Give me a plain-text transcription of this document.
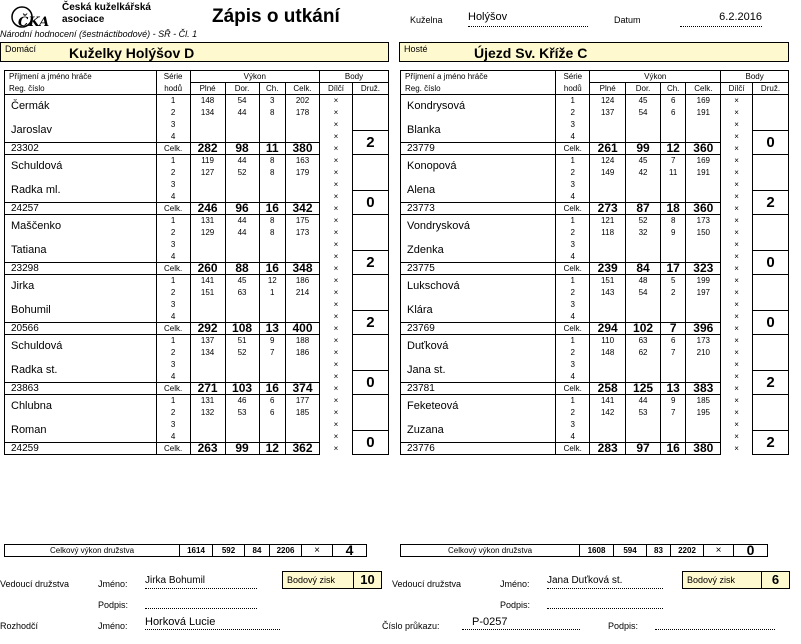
ČKA
Česká kuželkářská
asociace
Národní hodnocení (šestnáctibodové) - SŘ - Čl. 1
Zápis o utkání	Kuželna Holýšov	Datum	6.2.2016
Domácí Kuželky Holýšov D	Hosté	Újezd Sv. Kříže C
Příjmení a jméno hráče	Série	Výkon				Body	
Reg. číslo	hodů	Plné	Dor.	Ch.	Celk.	Dílčí	Druž.
Čermák	1	148	54	3	202	×	
	2	134	44	8	178	×	
Jaroslav	3					×	
	4					×	2
23302	Celk.	282	98	11	380	×	
Schuldová	1	119	44	8	163	×	
	2	127	52	8	179	×	
Radka ml.	3					×	
	4					×	0
24257	Celk.	246	96	16	342	×	
Maščenko	1	131	44	8	175	×	
	2	129	44	8	173	×	
Tatiana	3					×	
	4					×	2
23298	Celk.	260	88	16	348	×	
Jirka	1	141	45	12	186	×	
	2	151	63	1	214	×	
Bohumil	3					×	
	4					×	2
20566	Celk.	292	108	13	400	×	
Schuldová	1	137	51	9	188	×	
	2	134	52	7	186	×	
Radka st.	3					×	
	4					×	0
23863	Celk.	271	103	16	374	×	
Chlubna	1	131	46	6	177	×	
	2	132	53	6	185	×	
Roman	3					×	
	4					×	0
24259	Celk.	263	99	12	362	×	
Příjmení a jméno hráče	Série	Výkon				Body	
Reg. číslo	hodů	Plné	Dor.	Ch.	Celk.	Dílčí	Druž.
Kondrysová	1	124	45	6	169	×	
	2	137	54	6	191	×	
Blanka	3					×	
	4					×	0
23779	Celk.	261	99	12	360	×	
Konopová	1	124	45	7	169	×	
	2	149	42	11	191	×	
Alena	3					×	
	4					×	2
23773	Celk.	273	87	18	360	×	
Vondrysková	1	121	52	8	173	×	
	2	118	32	9	150	×	
Zdenka	3					×	
	4					×	0
23775	Celk.	239	84	17	323	×	
Lukschová	1	151	48	5	199	×	
	2	143	54	2	197	×	
Klára	3					×	
	4					×	0
23769	Celk.	294	102	7	396	×	
Duťková	1	110	63	6	173	×	
	2	148	62	7	210	×	
Jana st.	3					×	
	4					×	2
23781	Celk.	258	125	13	383	×	
Feketeová	1	141	44	9	185	×	
	2	142	53	7	195	×	
Zuzana	3					×	
	4					×	2
23776	Celk.	283	97	16	380	×	
Vedoucí družstva	Jméno: Jirka Bohumil	Bodový zisk	10
Podpis:
Vedoucí družstva	Jméno: Jana Duťková st.	Bodový zisk	6
Podpis:
Rozhodčí	Jméno: Horková Lucie	Číslo průkazu:	P-0257	Podpis:
Celkový výkon družstva	1614	592	84	2206	×	4	Celkový výkon družstva	1608	594	83	2202	×	0
